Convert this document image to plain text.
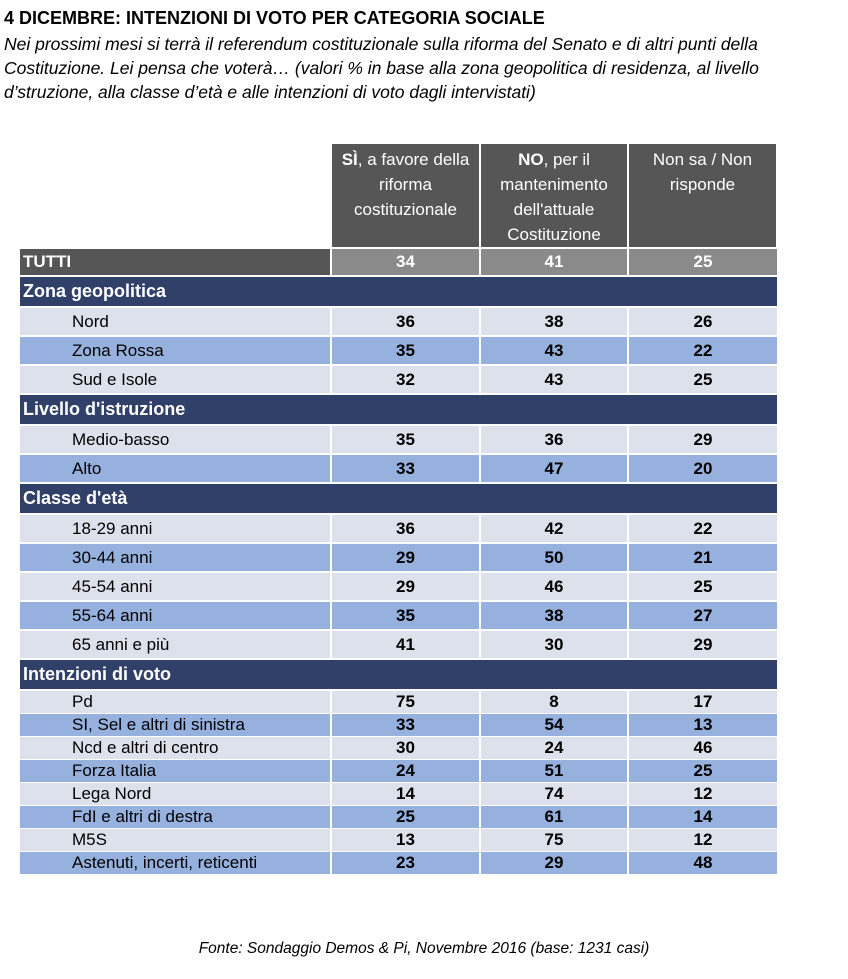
4 DICEMBRE: INTENZIONI DI VOTO PER CATEGORIA SOCIALE
Nei prossimi mesi si terrà il referendum costituzionale sulla riforma del Senato e di altri punti della Costituzione. Lei pensa che voterà… (valori % in base alla zona geopolitica di residenza, al livello d’struzione, alla classe d’età e alle intenzioni di voto dagli intervistati)
	SÌ, a favore della riforma costituzionale	NO, per il mantenimento dell'attuale Costituzione	Non sa / Non risponde
TUTTI	34	41	25
Zona geopolitica			
Nord	36	38	26
Zona Rossa	35	43	22
Sud e Isole	32	43	25
Livello d'istruzione			
Medio-basso	35	36	29
Alto	33	47	20
Classe d'età			
18-29 anni	36	42	22
30-44 anni	29	50	21
45-54 anni	29	46	25
55-64 anni	35	38	27
65 anni e più	41	30	29
Intenzioni di voto			
Pd	75	8	17
SI, Sel e altri di sinistra	33	54	13
Ncd e altri di centro	30	24	46
Forza Italia	24	51	25
Lega Nord	14	74	12
FdI e altri di destra	25	61	14
M5S	13	75	12
Astenuti, incerti, reticenti	23	29	48
Fonte: Sondaggio Demos & Pi, Novembre 2016 (base: 1231 casi)
